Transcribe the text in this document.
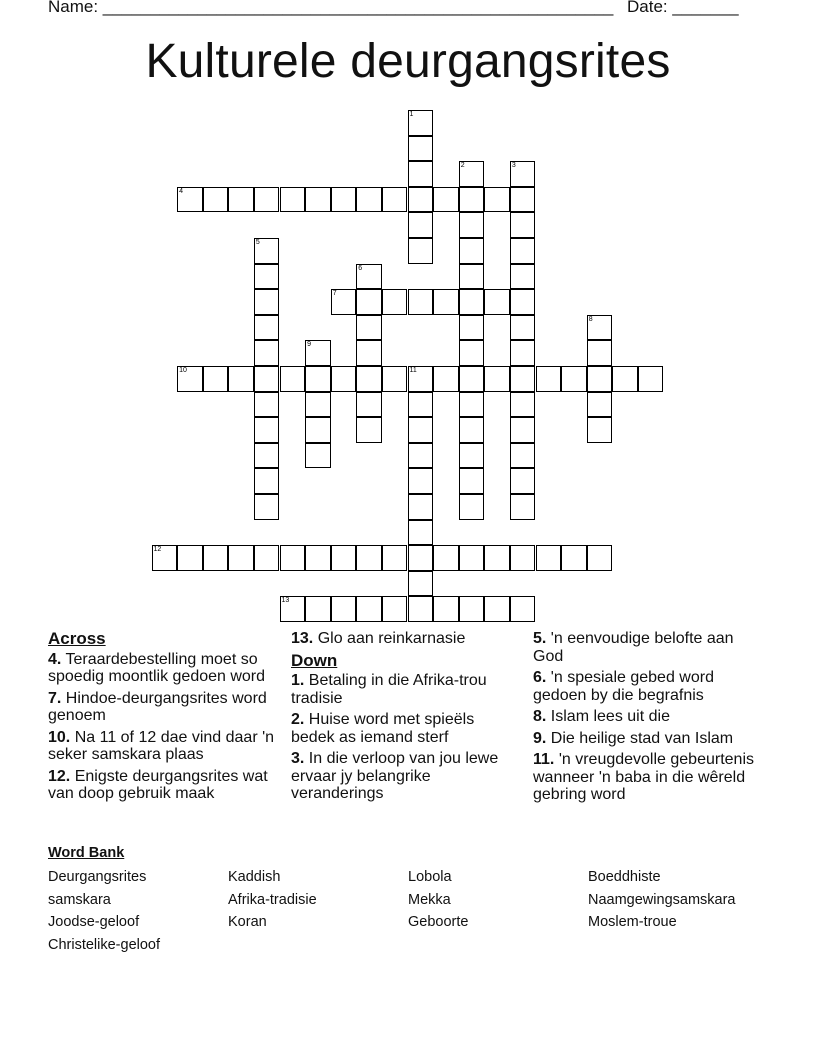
Name: ______________________________________________________ Date: _______
Kulturele deurgangsrites
1
2	3
4
5
6
7
8
9
10	11
12
13
Across
4. Teraardebestelling moet so spoedig moontlik gedoen word
7. Hindoe-deurgangsrites word genoem
10. Na 11 of 12 dae vind daar 'n seker samskara plaas
12. Enigste deurgangsrites wat van doop gebruik maak
13. Glo aan reinkarnasie
Down
1. Betaling in die Afrika-trou tradisie
2. Huise word met spieëls bedek as iemand sterf
3. In die verloop van jou lewe ervaar jy belangrike veranderings
5. 'n eenvoudige belofte aan God
6. 'n spesiale gebed word gedoen by die begrafnis
8. Islam lees uit die
9. Die heilige stad van Islam
11. 'n vreugdevolle gebeurtenis wanneer 'n baba in die wêreld gebring word
Word Bank
Deurgangsrites	Kaddish	Lobola	Boeddhiste
samskara	Afrika-tradisie	Mekka	Naamgewingsamskara
Joodse-geloof	Koran	Geboorte	Moslem-troue
Christelike-geloof
